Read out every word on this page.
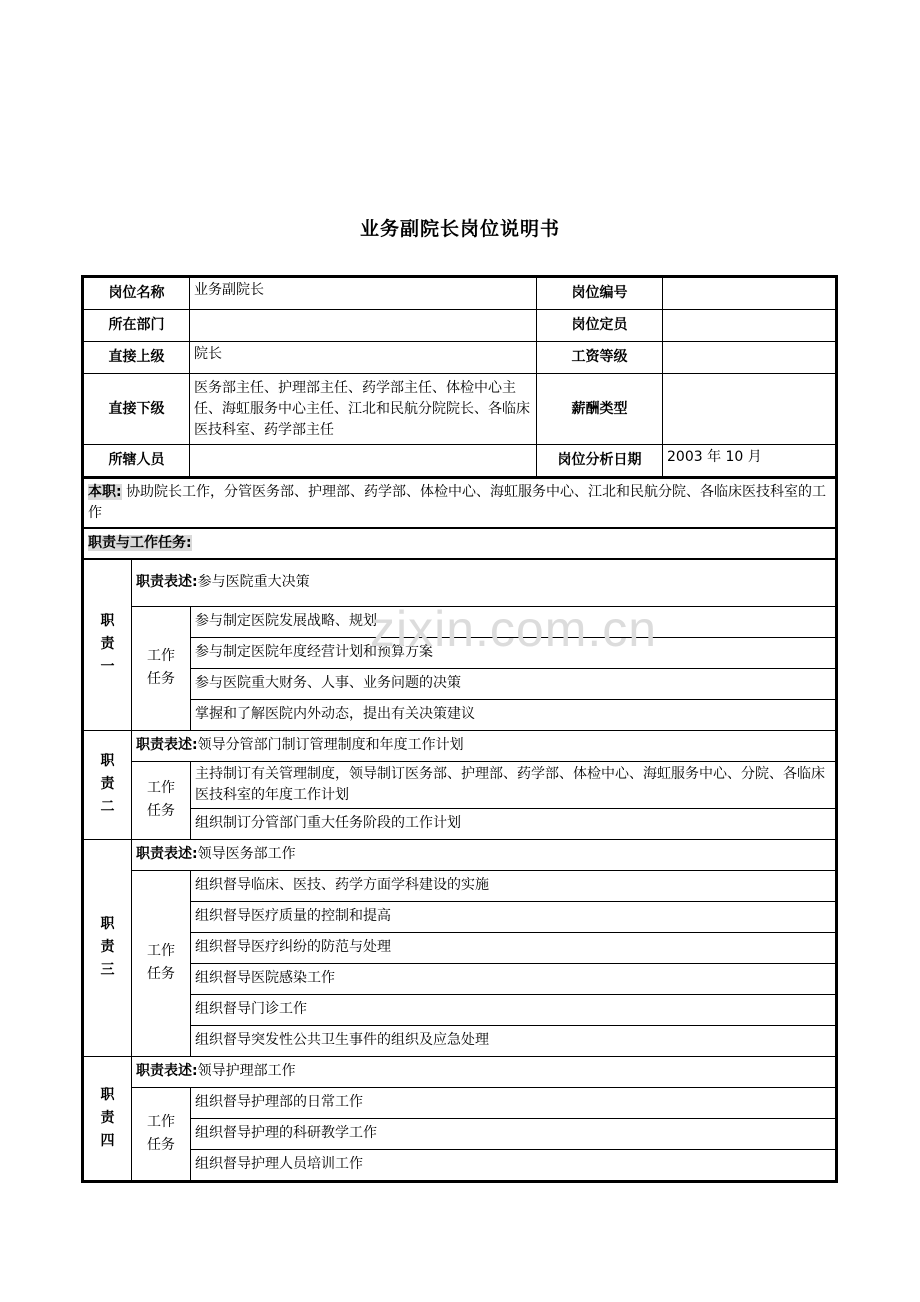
业务副院长岗位说明书
zixin.com.cn
岗位名称	业务副院长	岗位编号	
所在部门		岗位定员	
直接上级	院长	工资等级	
直接下级	医务部主任、护理部主任、药学部主任、体检中心主任、海虹服务中心主任、江北和民航分院院长、各临床医技科室、药学部主任	薪酬类型	
所辖人员		岗位分析日期	2003 年 10 月
本职: 协助院长工作，分管医务部、护理部、药学部、体检中心、海虹服务中心、江北和民航分院、各临床医技科室的工作		
职责与工作任务:		

职
责
一	职责表述:参与医院重大决策	

	工作
任务	参与制定医院发展战略、规划
		参与制定医院年度经营计划和预算方案
		参与医院重大财务、人事、业务问题的决策
		掌握和了解医院内外动态，提出有关决策建议

职
责
二	职责表述:领导分管部门制订管理制度和年度工作计划	

	工作
任务	主持制订有关管理制度，领导制订医务部、护理部、药学部、体检中心、海虹服务中心、分院、各临床医技科室的年度工作计划
		组织制订分管部门重大任务阶段的工作计划

职
责
三	职责表述:领导医务部工作	

	工作
任务	组织督导临床、医技、药学方面学科建设的实施
		组织督导医疗质量的控制和提高
		组织督导医疗纠纷的防范与处理
		组织督导医院感染工作
		组织督导门诊工作
		组织督导突发性公共卫生事件的组织及应急处理

职
责
四	职责表述:领导护理部工作	

	工作
任务	组织督导护理部的日常工作
		组织督导护理的科研教学工作
		组织督导护理人员培训工作
